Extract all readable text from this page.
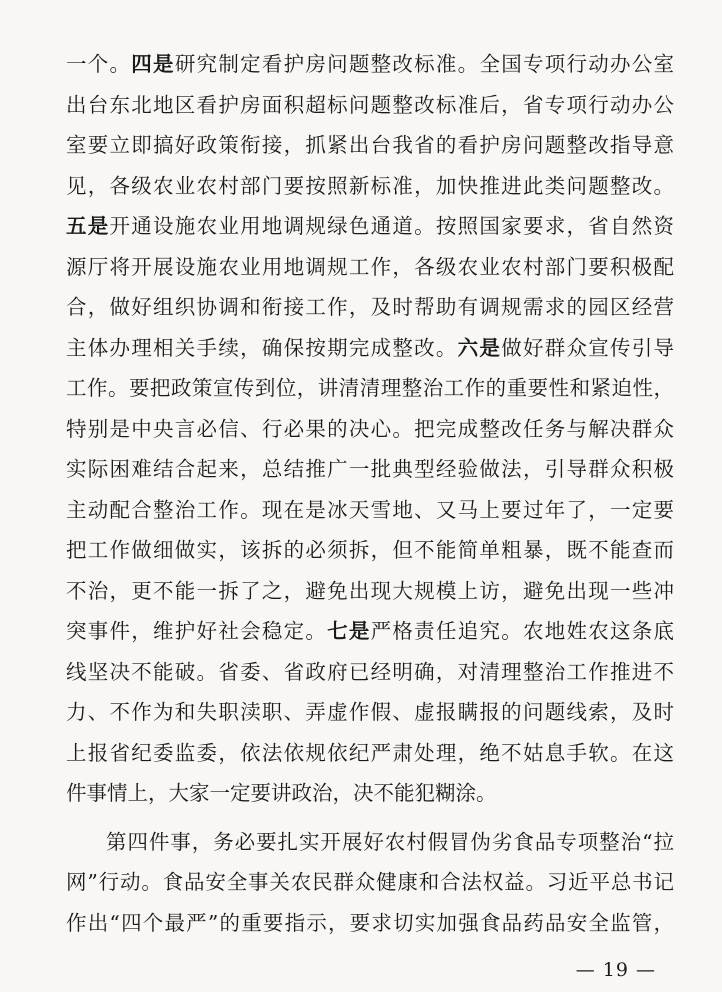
一个。四是研究制定看护房问题整改标准。全国专项行动办公室
出台东北地区看护房面积超标问题整改标准后，省专项行动办公
室要立即搞好政策衔接，抓紧出台我省的看护房问题整改指导意
见，各级农业农村部门要按照新标准，加快推进此类问题整改。
五是开通设施农业用地调规绿色通道。按照国家要求，省自然资
源厅将开展设施农业用地调规工作，各级农业农村部门要积极配
合，做好组织协调和衔接工作，及时帮助有调规需求的园区经营
主体办理相关手续，确保按期完成整改。六是做好群众宣传引导
工作。要把政策宣传到位，讲清清理整治工作的重要性和紧迫性，
特别是中央言必信、行必果的决心。把完成整改任务与解决群众
实际困难结合起来，总结推广一批典型经验做法，引导群众积极
主动配合整治工作。现在是冰天雪地、又马上要过年了，一定要
把工作做细做实，该拆的必须拆，但不能简单粗暴，既不能查而
不治，更不能一拆了之，避免出现大规模上访，避免出现一些冲
突事件，维护好社会稳定。七是严格责任追究。农地姓农这条底
线坚决不能破。省委、省政府已经明确，对清理整治工作推进不
力、不作为和失职渎职、弄虚作假、虚报瞒报的问题线索，及时
上报省纪委监委，依法依规依纪严肃处理，绝不姑息手软。在这
件事情上，大家一定要讲政治，决不能犯糊涂。
第四件事，务必要扎实开展好农村假冒伪劣食品专项整治“拉
网”行动。食品安全事关农民群众健康和合法权益。习近平总书记
作出“四个最严”的重要指示，要求切实加强食品药品安全监管，
— 19 —
